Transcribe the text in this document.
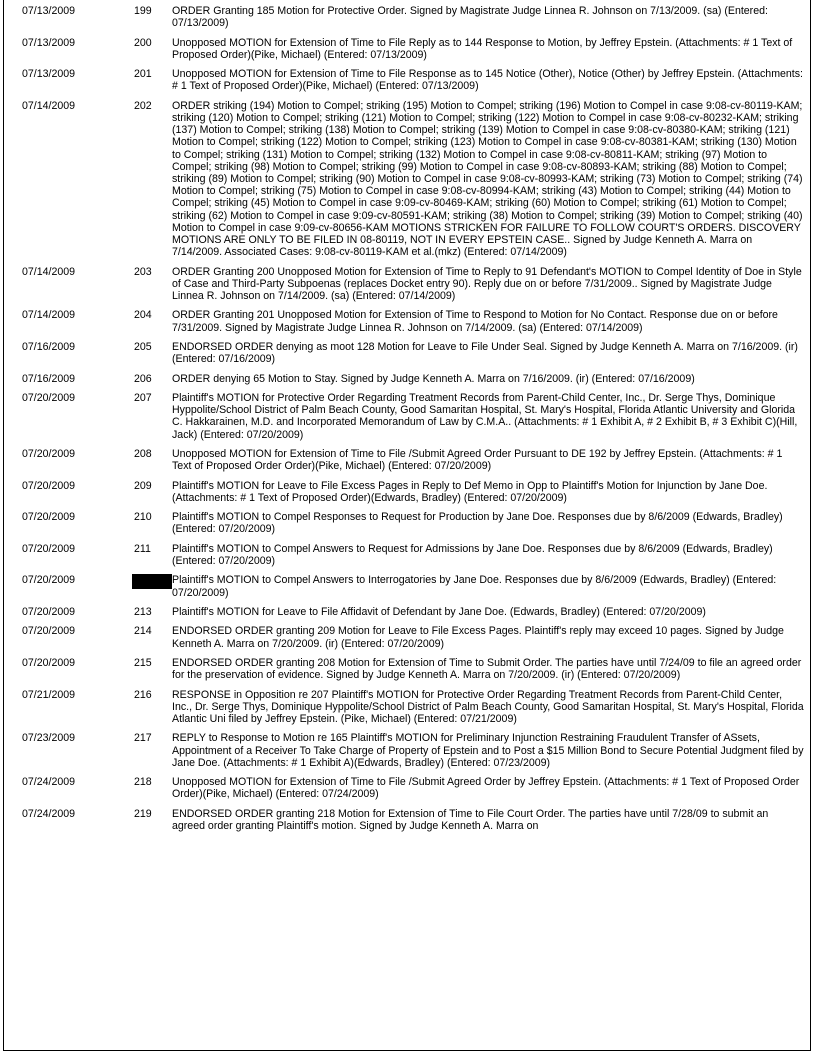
07/13/2009	199	ORDER Granting 185 Motion for Protective Order. Signed by Magistrate Judge Linnea R. Johnson on 7/13/2009. (sa) (Entered: 07/13/2009)
07/13/2009	200	Unopposed MOTION for Extension of Time to File Reply as to 144 Response to Motion, by Jeffrey Epstein. (Attachments: # 1 Text of Proposed Order)(Pike, Michael) (Entered: 07/13/2009)
07/13/2009	201	Unopposed MOTION for Extension of Time to File Response as to 145 Notice (Other), Notice (Other) by Jeffrey Epstein. (Attachments: # 1 Text of Proposed Order)(Pike, Michael) (Entered: 07/13/2009)
07/14/2009	202	ORDER striking (194) Motion to Compel; striking (195) Motion to Compel; striking (196) Motion to Compel in case 9:08-cv-80119-KAM; striking (120) Motion to Compel; striking (121) Motion to Compel; striking (122) Motion to Compel in case 9:08-cv-80232-KAM; striking (137) Motion to Compel; striking (138) Motion to Compel; striking (139) Motion to Compel in case 9:08-cv-80380-KAM; striking (121) Motion to Compel; striking (122) Motion to Compel; striking (123) Motion to Compel in case 9:08-cv-80381-KAM; striking (130) Motion to Compel; striking (131) Motion to Compel; striking (132) Motion to Compel in case 9:08-cv-80811-KAM; striking (97) Motion to Compel; striking (98) Motion to Compel; striking (99) Motion to Compel in case 9:08-cv-80893-KAM; striking (88) Motion to Compel; striking (89) Motion to Compel; striking (90) Motion to Compel in case 9:08-cv-80993-KAM; striking (73) Motion to Compel; striking (74) Motion to Compel; striking (75) Motion to Compel in case 9:08-cv-80994-KAM; striking (43) Motion to Compel; striking (44) Motion to Compel; striking (45) Motion to Compel in case 9:09-cv-80469-KAM; striking (60) Motion to Compel; striking (61) Motion to Compel; striking (62) Motion to Compel in case 9:09-cv-80591-KAM; striking (38) Motion to Compel; striking (39) Motion to Compel; striking (40) Motion to Compel in case 9:09-cv-80656-KAM MOTIONS STRICKEN FOR FAILURE TO FOLLOW COURT'S ORDERS. DISCOVERY MOTIONS ARE ONLY TO BE FILED IN 08-80119, NOT IN EVERY EPSTEIN CASE.. Signed by Judge Kenneth A. Marra on 7/14/2009. Associated Cases: 9:08-cv-80119-KAM et al.(mkz) (Entered: 07/14/2009)
07/14/2009	203	ORDER Granting 200 Unopposed Motion for Extension of Time to Reply to 91 Defendant's MOTION to Compel Identity of Doe in Style of Case and Third-Party Subpoenas (replaces Docket entry 90). Reply due on or before 7/31/2009.. Signed by Magistrate Judge Linnea R. Johnson on 7/14/2009. (sa) (Entered: 07/14/2009)
07/14/2009	204	ORDER Granting 201 Unopposed Motion for Extension of Time to Respond to Motion for No Contact. Response due on or before 7/31/2009. Signed by Magistrate Judge Linnea R. Johnson on 7/14/2009. (sa) (Entered: 07/14/2009)
07/16/2009	205	ENDORSED ORDER denying as moot 128 Motion for Leave to File Under Seal. Signed by Judge Kenneth A. Marra on 7/16/2009. (ir) (Entered: 07/16/2009)
07/16/2009	206	ORDER denying 65 Motion to Stay. Signed by Judge Kenneth A. Marra on 7/16/2009. (ir) (Entered: 07/16/2009)
07/20/2009	207	Plaintiff's MOTION for Protective Order Regarding Treatment Records from Parent-Child Center, Inc., Dr. Serge Thys, Dominique Hyppolite/School District of Palm Beach County, Good Samaritan Hospital, St. Mary's Hospital, Florida Atlantic University and Glorida C. Hakkarainen, M.D. and Incorporated Memorandum of Law by C.M.A.. (Attachments: # 1 Exhibit A, # 2 Exhibit B, # 3 Exhibit C)(Hill, Jack) (Entered: 07/20/2009)
07/20/2009	208	Unopposed MOTION for Extension of Time to File /Submit Agreed Order Pursuant to DE 192 by Jeffrey Epstein. (Attachments: # 1 Text of Proposed Order Order)(Pike, Michael) (Entered: 07/20/2009)
07/20/2009	209	Plaintiff's MOTION for Leave to File Excess Pages in Reply to Def Memo in Opp to Plaintiff's Motion for Injunction by Jane Doe. (Attachments: # 1 Text of Proposed Order)(Edwards, Bradley) (Entered: 07/20/2009)
07/20/2009	210	Plaintiff's MOTION to Compel Responses to Request for Production by Jane Doe. Responses due by 8/6/2009 (Edwards, Bradley) (Entered: 07/20/2009)
07/20/2009	211	Plaintiff's MOTION to Compel Answers to Request for Admissions by Jane Doe. Responses due by 8/6/2009 (Edwards, Bradley) (Entered: 07/20/2009)
07/20/2009		Plaintiff's MOTION to Compel Answers to Interrogatories by Jane Doe. Responses due by 8/6/2009 (Edwards, Bradley) (Entered: 07/20/2009)
07/20/2009	213	Plaintiff's MOTION for Leave to File Affidavit of Defendant by Jane Doe. (Edwards, Bradley) (Entered: 07/20/2009)
07/20/2009	214	ENDORSED ORDER granting 209 Motion for Leave to File Excess Pages. Plaintiff's reply may exceed 10 pages. Signed by Judge Kenneth A. Marra on 7/20/2009. (ir) (Entered: 07/20/2009)
07/20/2009	215	ENDORSED ORDER granting 208 Motion for Extension of Time to Submit Order. The parties have until 7/24/09 to file an agreed order for the preservation of evidence. Signed by Judge Kenneth A. Marra on 7/20/2009. (ir) (Entered: 07/20/2009)
07/21/2009	216	RESPONSE in Opposition re 207 Plaintiff's MOTION for Protective Order Regarding Treatment Records from Parent-Child Center, Inc., Dr. Serge Thys, Dominique Hyppolite/School District of Palm Beach County, Good Samaritan Hospital, St. Mary's Hospital, Florida Atlantic Uni filed by Jeffrey Epstein. (Pike, Michael) (Entered: 07/21/2009)
07/23/2009	217	REPLY to Response to Motion re 165 Plaintiff's MOTION for Preliminary Injunction Restraining Fraudulent Transfer of ASsets, Appointment of a Receiver To Take Charge of Property of Epstein and to Post a $15 Million Bond to Secure Potential Judgment filed by Jane Doe. (Attachments: # 1 Exhibit A)(Edwards, Bradley) (Entered: 07/23/2009)
07/24/2009	218	Unopposed MOTION for Extension of Time to File /Submit Agreed Order by Jeffrey Epstein. (Attachments: # 1 Text of Proposed Order Order)(Pike, Michael) (Entered: 07/24/2009)
07/24/2009	219	ENDORSED ORDER granting 218 Motion for Extension of Time to File Court Order. The parties have until 7/28/09 to submit an agreed order granting Plaintiff's motion. Signed by Judge Kenneth A. Marra on
